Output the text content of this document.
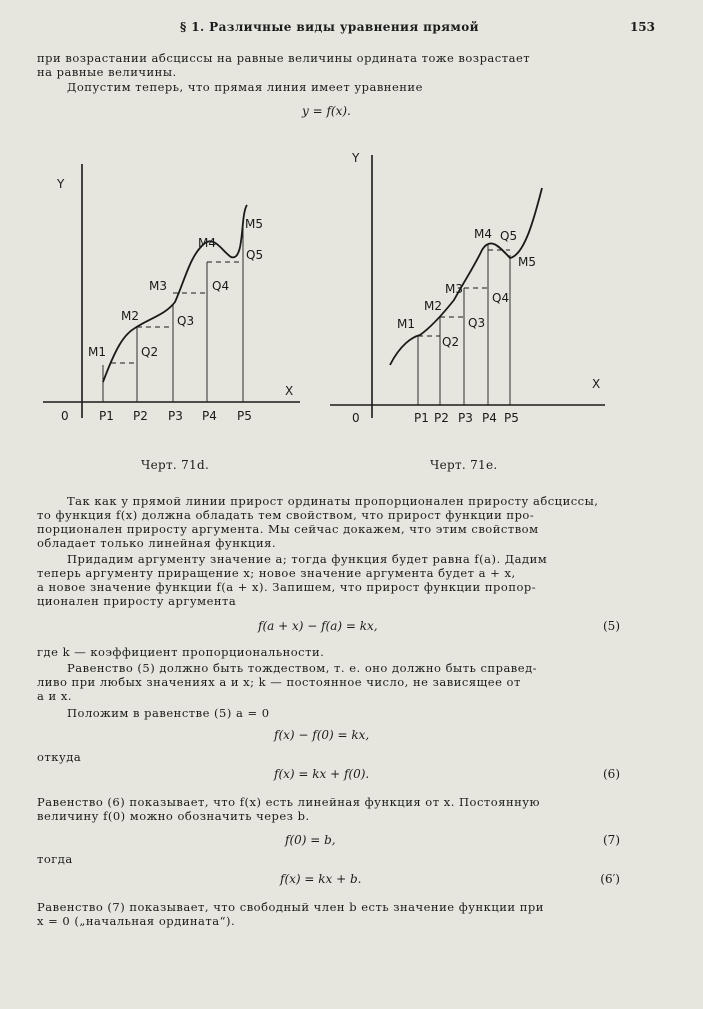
§ 1. Различные виды уравнения прямой	153
при возрастании абсциссы на равные величины ордината тоже возрастает
на равные величины.
Допустим теперь, что прямая линия имеет уравнение
y = f(x).
Y
X
0	P1 P2 P3 P4 P5
M1
M2
M3
M4
M5
Q2
Q3
Q4
Q5
Y
X
0	P1 P2 P3 P4 P5
M1
M2
M3
M4
M5
Q2
Q3
Q4
Q5
Черт. 71d.	Черт. 71e.
Так как у прямой линии прирост ординаты пропорционален приросту абсциссы,
то функция f(x) должна обладать тем свойством, что прирост функции про-
порционален приросту аргумента. Мы сейчас докажем, что этим свойством
обладает только линейная функция.
Придадим аргументу значение a; тогда функция будет равна f(a). Дадим
теперь аргументу приращение x; новое значение аргумента будет a + x,
а новое значение функции f(a + x). Запишем, что прирост функции пропор-
ционален приросту аргумента
f(a + x) − f(a) = kx,	(5)
где k — коэффициент пропорциональности.
Равенство (5) должно быть тождеством, т. е. оно должно быть справед-
ливо при любых значениях a и x; k — постоянное число, не зависящее от
a и x.
Положим в равенстве (5) a = 0
f(x) − f(0) = kx,
откуда
f(x) = kx + f(0).	(6)
Равенство (6) показывает, что f(x) есть линейная функция от x. Постоянную
величину f(0) можно обозначить через b.
f(0) = b,	(7)
тогда
f(x) = kx + b.	(6′)
Равенство (7) показывает, что свободный член b есть значение функции при
x = 0 („начальная ордината“).
